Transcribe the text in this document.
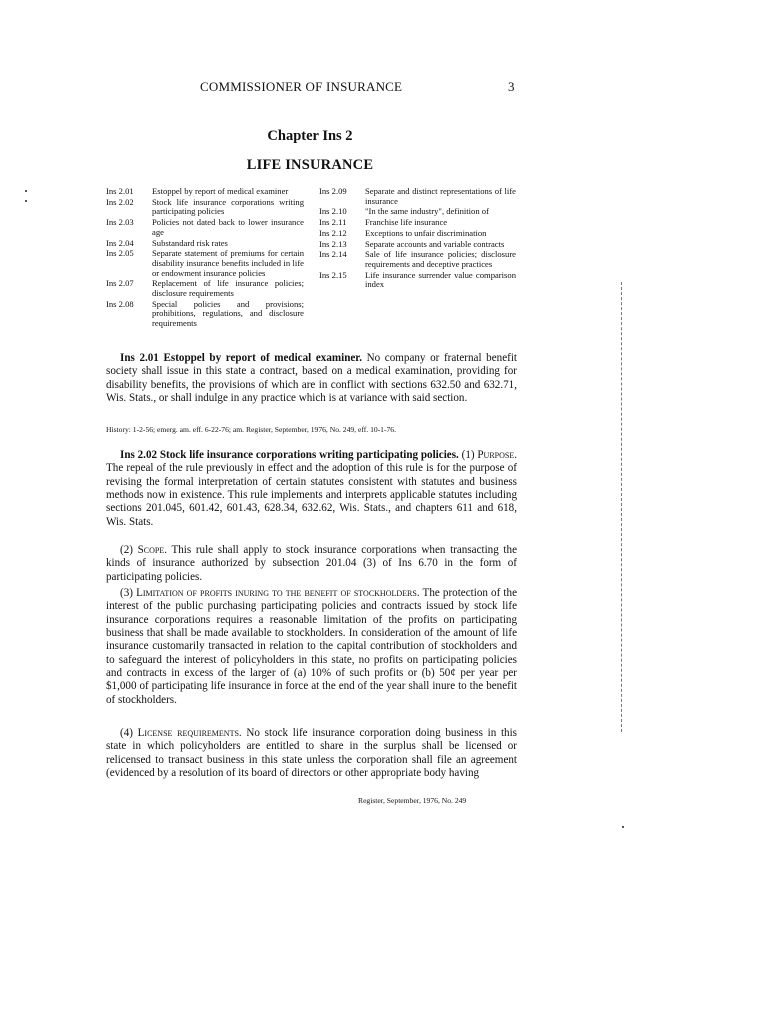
COMMISSIONER OF INSURANCE	3
Chapter Ins 2
LIFE INSURANCE
Ins 2.01	Estoppel by report of medical examiner
Ins 2.02	Stock life insurance corporations writing participating policies
Ins 2.03	Policies not dated back to lower insurance age
Ins 2.04	Substandard risk rates
Ins 2.05	Separate statement of premiums for certain disability insurance benefits included in life or endowment insurance policies
Ins 2.07	Replacement of life insurance policies; disclosure requirements
Ins 2.08	Special policies and provisions; prohibitions, regulations, and disclosure requirements
Ins 2.09	Separate and distinct representations of life insurance
Ins 2.10	"In the same industry", definition of
Ins 2.11	Franchise life insurance
Ins 2.12	Exceptions to unfair discrimination
Ins 2.13	Separate accounts and variable contracts
Ins 2.14	Sale of life insurance policies; disclosure requirements and deceptive practices
Ins 2.15	Life insurance surrender value comparison index

Ins 2.01 Estoppel by report of medical examiner. No company or fraternal benefit society shall issue in this state a contract, based on a medical examination, providing for disability benefits, the provisions of which are in conflict with sections 632.50 and 632.71, Wis. Stats., or shall indulge in any practice which is at variance with said section.

History: 1-2-56; emerg. am. eff. 6-22-76; am. Register, September, 1976, No. 249, eff. 10-1-76.

Ins 2.02 Stock life insurance corporations writing participating policies. (1) Purpose. The repeal of the rule previously in effect and the adoption of this rule is for the purpose of revising the formal interpretation of certain statutes consistent with statutes and business methods now in existence. This rule implements and interprets applicable statutes including sections 201.045, 601.42, 601.43, 628.34, 632.62, Wis. Stats., and chapters 611 and 618, Wis. Stats.

(2) Scope. This rule shall apply to stock insurance corporations when transacting the kinds of insurance authorized by subsection 201.04 (3) of Ins 6.70 in the form of participating policies.

(3) Limitation of profits inuring to the benefit of stockholders. The protection of the interest of the public purchasing participating policies and contracts issued by stock life insurance corporations requires a reasonable limitation of the profits on participating business that shall be made available to stockholders. In consideration of the amount of life insurance customarily transacted in relation to the capital contribution of stockholders and to safeguard the interest of policyholders in this state, no profits on participating policies and contracts in excess of the larger of (a) 10% of such profits or (b) 50¢ per year per $1,000 of participating life insurance in force at the end of the year shall inure to the benefit of stockholders.

(4) License requirements. No stock life insurance corporation doing business in this state in which policyholders are entitled to share in the surplus shall be licensed or relicensed to transact business in this state unless the corporation shall file an agreement (evidenced by a resolution of its board of directors or other appropriate body having

Register, September, 1976, No. 249
